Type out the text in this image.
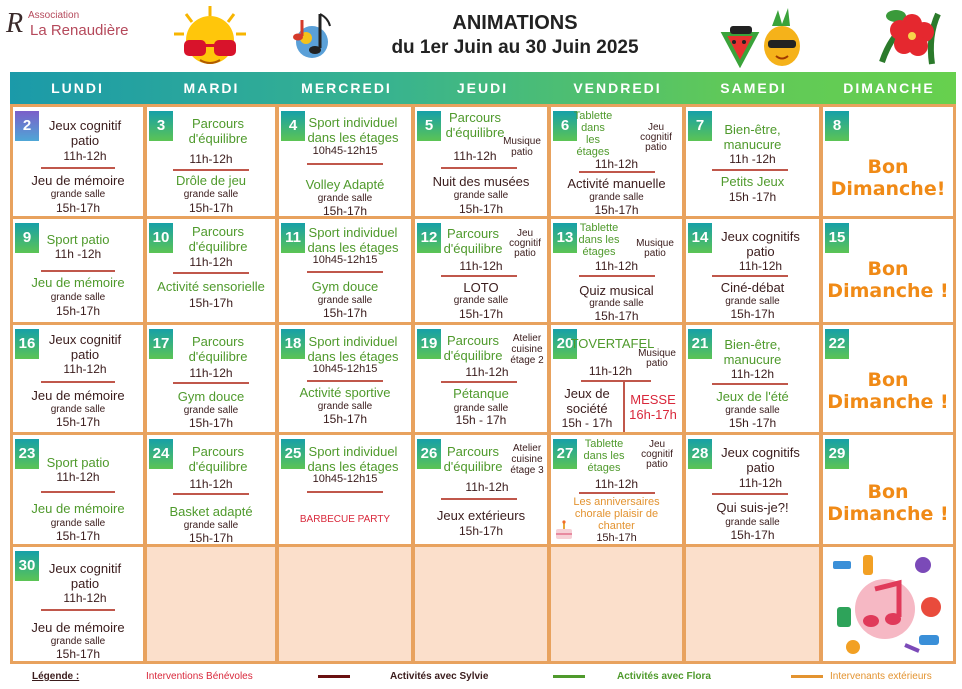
R Association
La Renaudière	ANIMATIONS
du 1er Juin au 30 Juin 2025
LUNDI	MARDI	MERCREDI	JEUDI	VENDREDI	SAMEDI	DIMANCHE
2	Jeux cognitif
patio
11h-12h
Jeu de mémoire
grande salle
15h-17h
3	Parcours
d'équilibre
11h-12h
Drôle de jeu
grande salle
15h-17h
4 Sport individuel
dans les étages
10h45-12h15
Volley Adapté
grande salle
15h-17h
5	Parcours
d'équilibre
Musique
patio
11h-12h
Nuit des musées
grande salle
15h-17h
6
Tablette
dans
les
étages
Jeu
cognitif
patio
11h-12h
Activité manuelle
grande salle
15h-17h
7	Bien-être,
manucure
11h -12h
Petits Jeux
15h -17h
8
Bon
Dimanche!
9	Sport patio
11h -12h
Jeu de mémoire
grande salle
15h-17h
10	Parcours
d'équilibre
11h-12h
Activité sensorielle
15h-17h
11 Sport individuel
dans les étages
10h45-12h15
Gym douce
grande salle
15h-17h
12 Parcours
d'équilibre
Jeu
cognitif
patio
11h-12h
LOTO
grande salle
15h-17h
13
Tablette
dans les
étages
Musique
patio
11h-12h
Quiz musical
grande salle
15h-17h
14 Jeux cognitifs
patio
11h-12h
Ciné-débat
grande salle
15h-17h
15
Bon
Dimanche !
16	Jeux cognitif
patio
11h-12h
Jeu de mémoire
grande salle
15h-17h
17	Parcours
d'équilibre
11h-12h
Gym douce
grande salle
15h-17h
18 Sport individuel
dans les étages
10h45-12h15
Activité sportive
grande salle
15h-17h
19 Parcours
d'équilibre
Atelier
cuisine
étage 2
11h-12h
Pétanque
grande salle
15h - 17h
20
TOVERTAFEL
Musique
patio
11h-12h
Jeux de
société
15h - 17h
MESSE
16h-17h
21	Bien-être,
manucure
11h-12h
Jeux de l'été
grande salle
15h -17h
22
Bon
Dimanche !
23
Sport patio
11h-12h
Jeu de mémoire
grande salle
15h-17h
24	Parcours
d'équilibre
11h-12h
Basket adapté
grande salle
15h-17h
25 Sport individuel
dans les étages
10h45-12h15
BARBECUE PARTY
26 Parcours
d'équilibre
Atelier
cuisine
étage 3
11h-12h
Jeux extérieurs
15h-17h
27
Tablette
dans les
étages
Jeu
cognitif
patio
11h-12h
Les anniversaires
chorale plaisir de
chanter
15h-17h
28 Jeux cognitifs
patio
11h-12h
Qui suis-je?!
grande salle
15h-17h
29
Bon
Dimanche !
30	Jeux cognitif
patio
11h-12h
Jeu de mémoire
grande salle
15h-17h
Légende :	Interventions Bénévoles	Activités avec Sylvie	Activités avec Flora	Intervenants extérieurs
